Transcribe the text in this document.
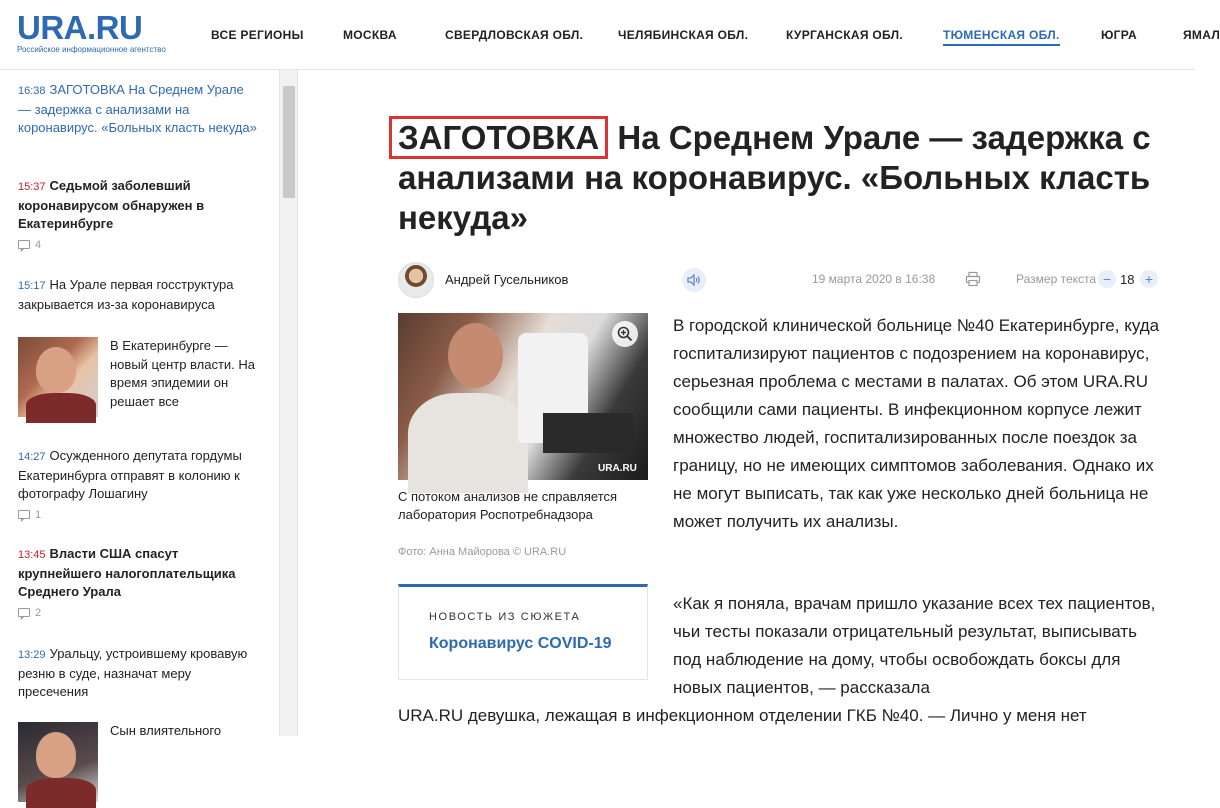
URA.RU
Российское информационное агентство
ВСЕ РЕГИОНЫ	МОСКВА	СВЕРДЛОВСКАЯ ОБЛ.	ЧЕЛЯБИНСКАЯ ОБЛ.	КУРГАНСКАЯ ОБЛ.	ТЮМЕНСКАЯ ОБЛ.	ЮГРА	ЯМАЛ
16:38 ЗАГОТОВКА На Среднем Урале — задержка с анализами на коронавирус. «Больных класть некуда»
15:37 Седьмой заболевший коронавирусом обнаружен в Екатеринбурге
4
15:17 На Урале первая госструктура закрывается из-за коронавируса
В Екатеринбурге — новый центр власти. На время эпидемии он решает все
14:27 Осужденного депутата гордумы Екатеринбурга отправят в колонию к фотографу Лошагину
1
13:45 Власти США спасут крупнейшего налогоплательщика Среднего Урала
2
13:29 Уральцу, устроившему кровавую резню в суде, назначат меру пресечения
Сын влиятельного
ЗАГОТОВКА На Среднем Урале — задержка с анализами на коронавирус. «Больных класть некуда»
Андрей Гусельников	19 марта 2020 в 16:38	Размер текста − 18 +
URA.RU
С потоком анализов не справляется лаборатория Роспотребнадзора
Фото: Анна Майорова © URA.RU
НОВОСТЬ ИЗ СЮЖЕТА
Коронавирус COVID-19

В городской клинической больнице №40 Екатеринбурге, куда госпитализируют пациентов с подозрением на коронавирус, серьезная проблема с местами в палатах. Об этом URA.RU сообщили сами пациенты. В инфекционном корпусе лежит множество людей, госпитализированных после поездок за границу, но не имеющих симптомов заболевания. Однако их не могут выписать, так как уже несколько дней больница не может получить их анализы.

«Как я поняла, врачам пришло указание всех тех пациентов, чьи тесты показали отрицательный результат, выписывать под наблюдение на дому, чтобы освобождать боксы для новых пациентов, — рассказала

URA.RU девушка, лежащая в инфекционном отделении ГКБ №40. — Лично у меня нет
